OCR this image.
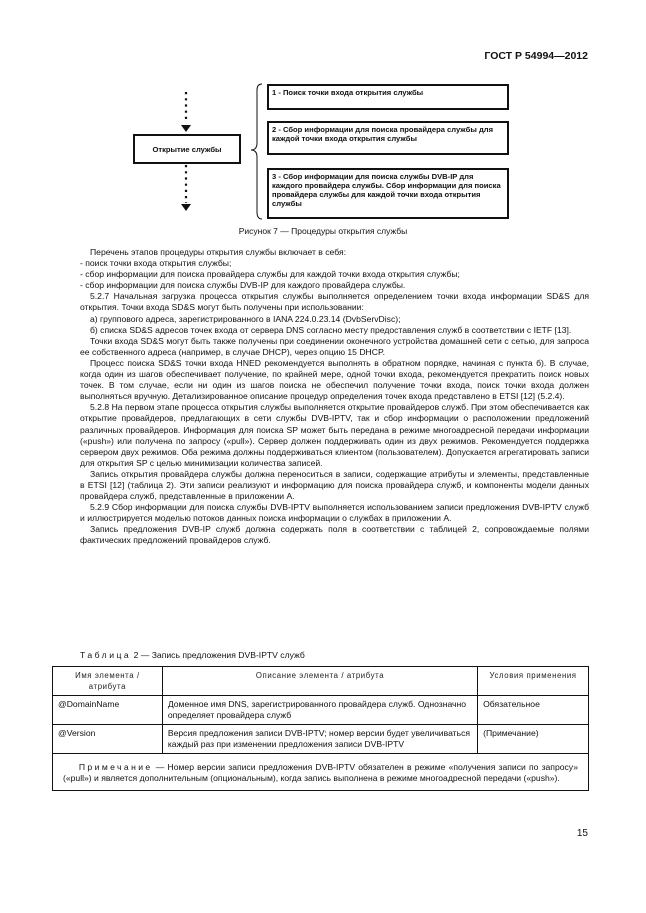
ГОСТ Р 54994—2012
Открытие службы
1 - Поиск точки входа открытия службы
2 - Сбор информации для поиска провайдера службы для каждой точки входа открытия службы
3 - Сбор информации для поиска службы DVB-IP для каждого провайдера службы. Сбор информации для поиска провайдера службы для каждой точки входа открытия службы
Рисунок 7 — Процедуры открытия службы

Перечень этапов процедуры открытия службы включает в себя:

- поиск точки входа открытия службы;

- сбор информации для поиска провайдера службы для каждой точки входа открытия службы;

- сбор информации для поиска службы DVB-IP для каждого провайдера службы.

5.2.7 Начальная загрузка процесса открытия службы выполняется определением точки входа информации SD&S для открытия. Точки входа SD&S могут быть получены при использовании:

а) группового адреса, зарегистрированного в IANA 224.0.23.14 (DvbServDisc);

б) списка SD&S адресов точек входа от сервера DNS согласно месту предоставления служб в соответствии с IETF [13].

Точки входа SD&S могут быть также получены при соединении оконечного устройства домашней сети с сетью, для запроса ее собственного адреса (например, в случае DHCP), через опцию 15 DHCP.

Процесс поиска SD&S точки входа HNED рекомендуется выполнять в обратном порядке, начиная с пункта б). В случае, когда один из шагов обеспечивает получение, по крайней мере, одной точки входа, рекомендуется прекратить поиск новых точек. В том случае, если ни один из шагов поиска не обеспечил получение точки входа, поиск точки входа должен выполняться вручную. Детализированное описание процедур определения точек входа представлено в ETSI [12] (5.2.4).

5.2.8 На первом этапе процесса открытия службы выполняется открытие провайдеров служб. При этом обеспечивается как открытие провайдеров, предлагающих в сети службы DVB-IPTV, так и сбор информации о расположении предложений различных провайдеров. Информация для поиска SP может быть передана в режиме многоадресной передачи информации («push») или получена по запросу («pull»). Сервер должен поддерживать один из двух режимов. Рекомендуется поддержка сервером двух режимов. Оба режима должны поддерживаться клиентом (пользователем). Допускается агрегатировать записи для открытия SP с целью минимизации количества записей.

Запись открытия провайдера службы должна переноситься в записи, содержащие атрибуты и элементы, представленные в ETSI [12] (таблица 2). Эти записи реализуют и информацию для поиска провайдера служб, и компоненты модели данных провайдера служб, представленные в приложении А.

5.2.9 Сбор информации для поиска службы DVB-IPTV выполняется использованием записи предложения DVB-IPTV служб и иллюстрируется моделью потоков данных поиска информации о службах в приложении А.

Запись предложения DVB-IP служб должна содержать поля в соответствии с таблицей 2, сопровождаемые полями фактических предложений провайдеров служб.

Таблица 2 — Запись предложения DVB-IPTV служб
Имя элемента / атрибута	Описание элемента / атрибута	Условия применения
@DomainName	Доменное имя DNS, зарегистрированного провайдера служб. Однозначно определяет провайдера служб	Обязательное
@Version	Версия предложения записи DVB-IPTV; номер версии будет увеличиваться каждый раз при изменении предложения записи DVB-IPTV	(Примечание)
Примечание — Номер версии записи предложения DVB-IPTV обязателен в режиме «получения записи по запросу» («pull») и является дополнительным (опциональным), когда запись выполнена в режиме многоадресной передачи («push»).		
15
